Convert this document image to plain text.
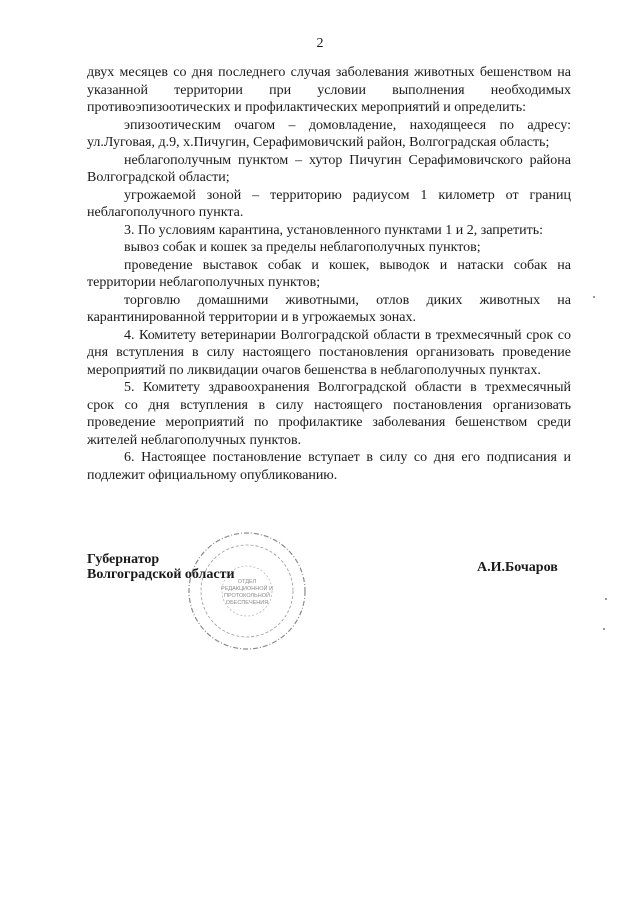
2

двух месяцев со дня последнего случая заболевания животных бешенством на указанной территории при условии выполнения необходимых противоэпизоотических и профилактических мероприятий и определить:

эпизоотическим очагом – домовладение, находящееся по адресу: ул.Луговая, д.9, х.Пичугин, Серафимовичский район, Волгоградская область;

неблагополучным пунктом – хутор Пичугин Серафимовичского района Волгоградской области;

угрожаемой зоной – территорию радиусом 1 километр от границ неблагополучного пункта.

3. По условиям карантина, установленного пунктами 1 и 2, запретить:

вывоз собак и кошек за пределы неблагополучных пунктов;

проведение выставок собак и кошек, выводок и натаски собак на территории неблагополучных пунктов;

торговлю домашними животными, отлов диких животных на карантинированной территории и в угрожаемых зонах.

4. Комитету ветеринарии Волгоградской области в трехмесячный срок со дня вступления в силу настоящего постановления организовать проведение мероприятий по ликвидации очагов бешенства в неблагополучных пунктах.

5. Комитету здравоохранения Волгоградской области в трехмесячный срок со дня вступления в силу настоящего постановления организовать проведение мероприятий по профилактике заболевания бешенством среди жителей неблагополучных пунктов.

6. Настоящее постановление вступает в силу со дня его подписания и подлежит официальному опубликованию.

ОТДЕЛ
РЕДАКЦИОННОЙ И
ПРОТОКОЛЬНОЙ
ОБЕСПЕЧЕНИЯ
Губернатор
Волгоградской области	А.И.Бочаров
